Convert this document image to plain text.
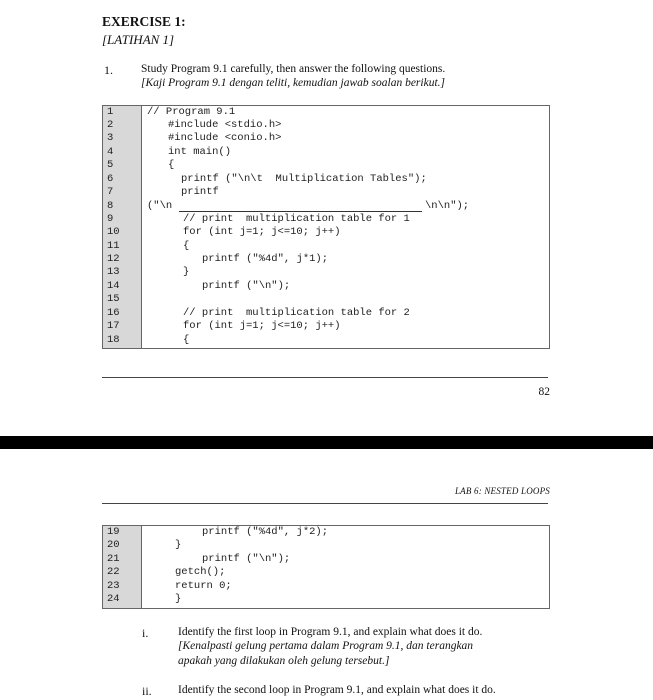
EXERCISE 1:
[LATIHAN 1]
1. Study Program 9.1 carefully, then answer the following questions.
[Kaji Program 9.1 dengan teliti, kemudian jawab soalan berikut.]
1
2
3
4
5
6
7
8
9
10
11
12
13
14
15
16
17
18
// Program 9.1
#include <stdio.h>
#include <conio.h>
int main()
{
printf ("\n\t  Multiplication Tables");
printf
("\n	\n\n");
// print  multiplication table for 1
for (int j=1; j<=10; j++)
{
printf ("%4d", j*1);
}
printf ("\n");
// print  multiplication table for 2
for (int j=1; j<=10; j++)
{
82
LAB 6: NESTED LOOPS
19
20
21
22
23
24
printf ("%4d", j*2);
}
printf ("\n");
getch();
return 0;
}
i.	Identify the first loop in Program 9.1, and explain what does it do.
[Kenalpasti gelung pertama dalam Program 9.1, dan terangkan
apakah yang dilakukan oleh gelung tersebut.]
ii. Identify the second loop in Program 9.1, and explain what does it do.
